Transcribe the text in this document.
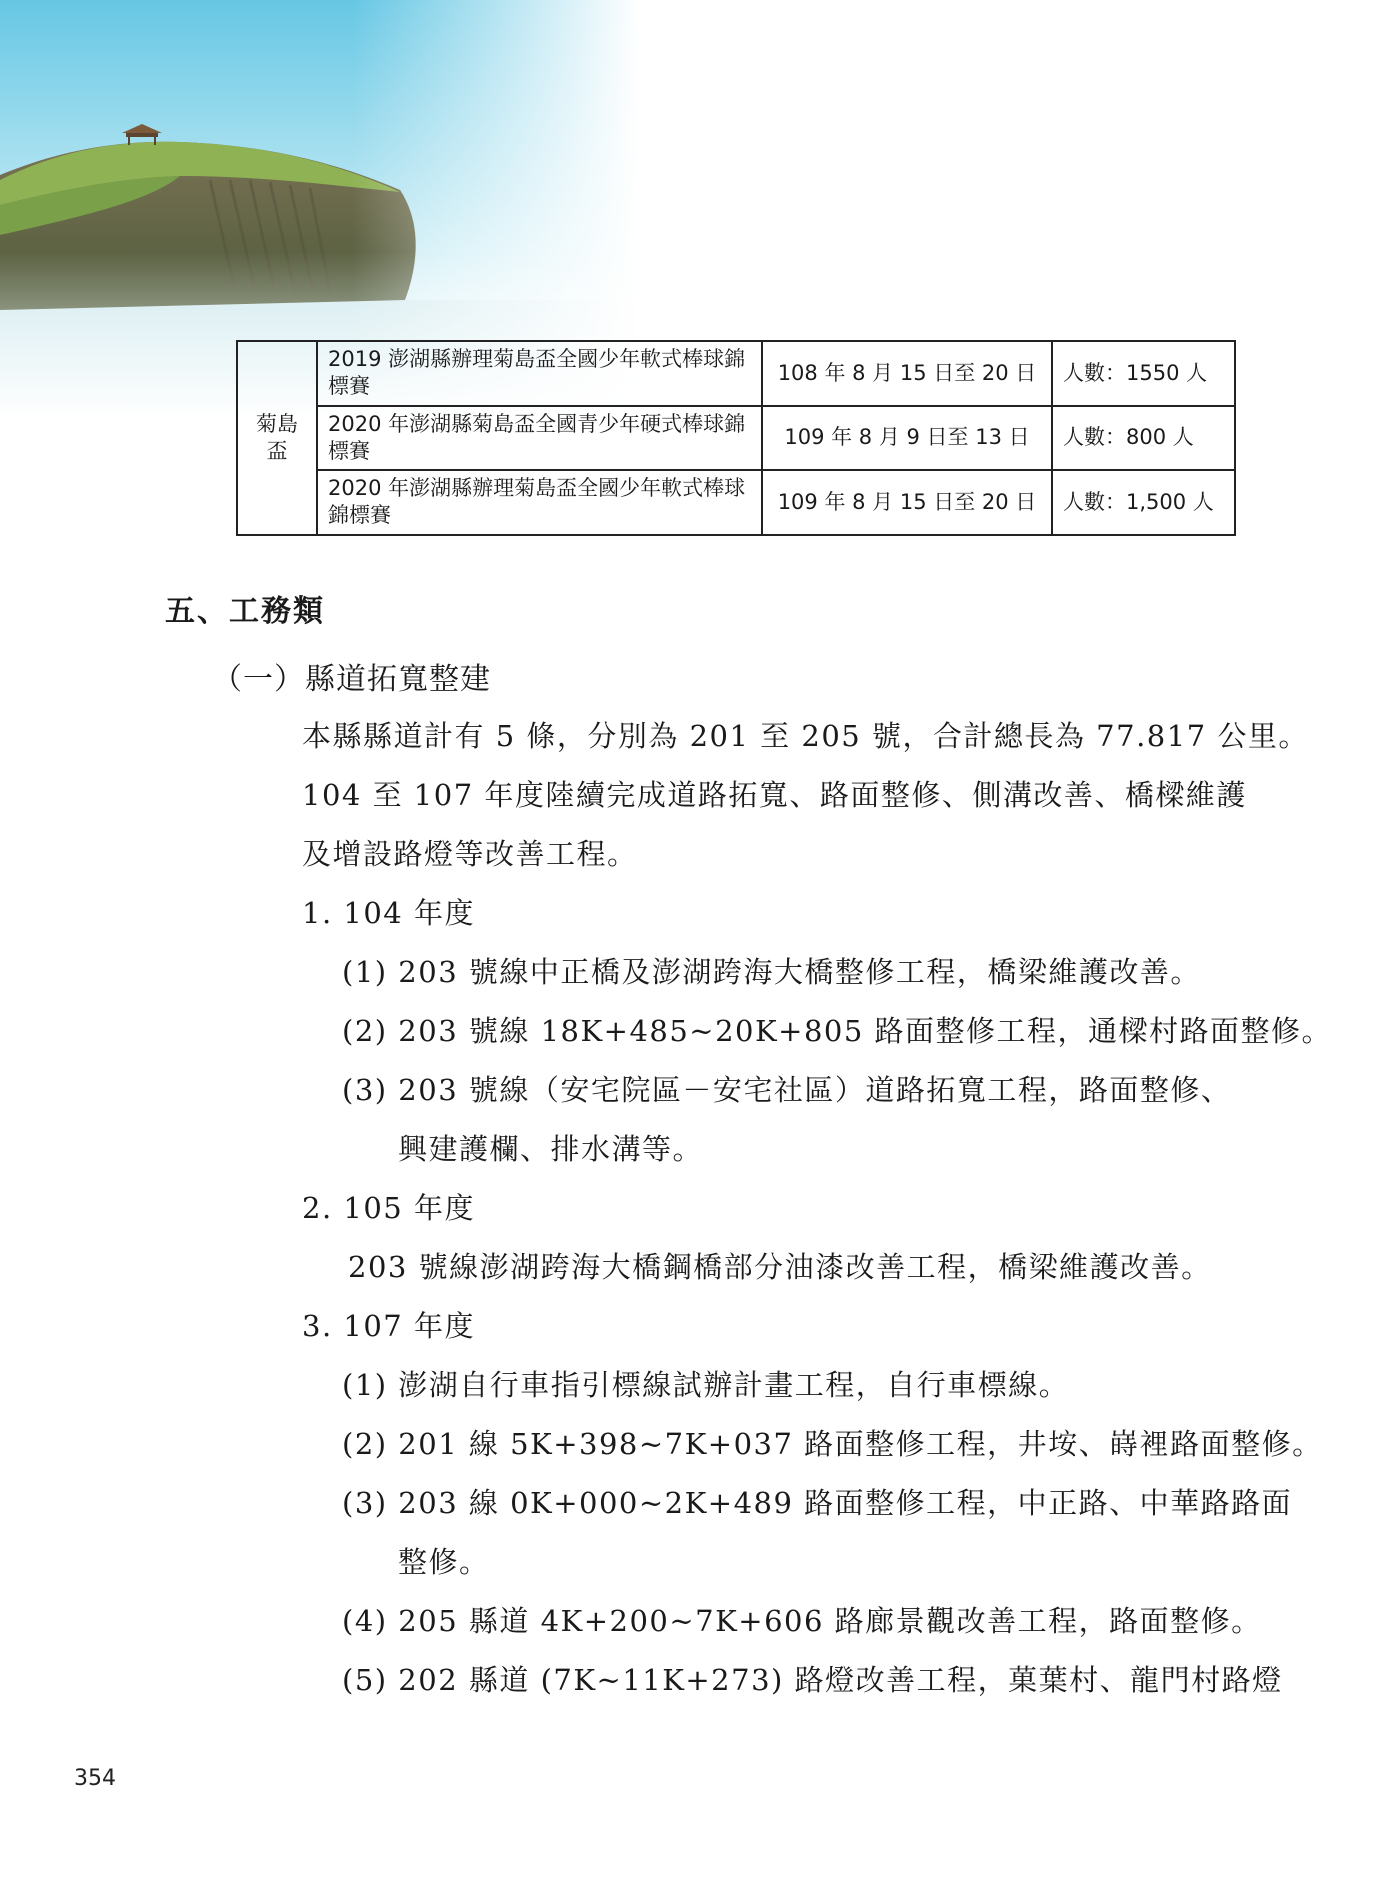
菊島盃	2019 澎湖縣辦理菊島盃全國少年軟式棒球錦標賽	108 年 8 月 15 日至 20 日	人數：1550 人
	2020 年澎湖縣菊島盃全國青少年硬式棒球錦標賽	109 年 8 月 9 日至 13 日	人數：800 人
	2020 年澎湖縣辦理菊島盃全國少年軟式棒球錦標賽	109 年 8 月 15 日至 20 日	人數：1,500 人
五、工務類
（一）縣道拓寬整建
本縣縣道計有 5 條，分別為 201 至 205 號，合計總長為 77.817 公里。
104 至 107 年度陸續完成道路拓寬、路面整修、側溝改善、橋樑維護
及增設路燈等改善工程。
1. 104 年度
(1) 203 號線中正橋及澎湖跨海大橋整修工程，橋梁維護改善。
(2) 203 號線 18K+485~20K+805 路面整修工程，通樑村路面整修。
(3) 203 號線（安宅院區－安宅社區）道路拓寬工程，路面整修、
興建護欄、排水溝等。
2. 105 年度
203 號線澎湖跨海大橋鋼橋部分油漆改善工程，橋梁維護改善。
3. 107 年度
(1) 澎湖自行車指引標線試辦計畫工程，自行車標線。
(2) 201 線 5K+398~7K+037 路面整修工程，井垵、嵵裡路面整修。
(3) 203 線 0K+000~2K+489 路面整修工程，中正路、中華路路面
整修。
(4) 205 縣道 4K+200~7K+606 路廊景觀改善工程，路面整修。
(5) 202 縣道 (7K~11K+273) 路燈改善工程，菓葉村、龍門村路燈
354
